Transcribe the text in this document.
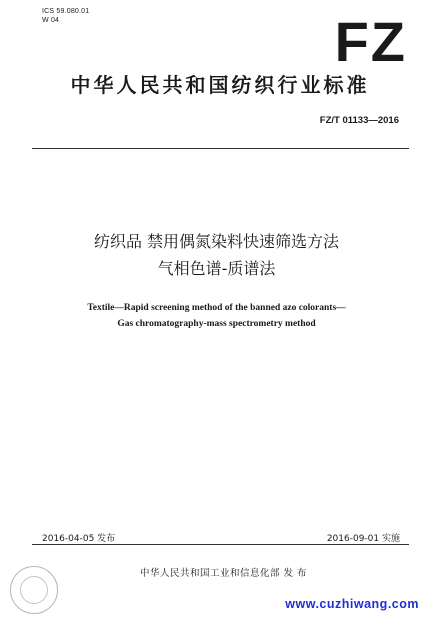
ICS 59.080.01
W 04	FZ
中华人民共和国纺织行业标准
FZ/T 01133—2016
纺织品 禁用偶氮染料快速筛选方法
气相色谱-质谱法
Textile—Rapid screening method of the banned azo colorants—
Gas chromatography-mass spectrometry method
2016-04-05 发布	2016-09-01 实施
中华人民共和国工业和信息化部 发 布
www.cuzhiwang.com
